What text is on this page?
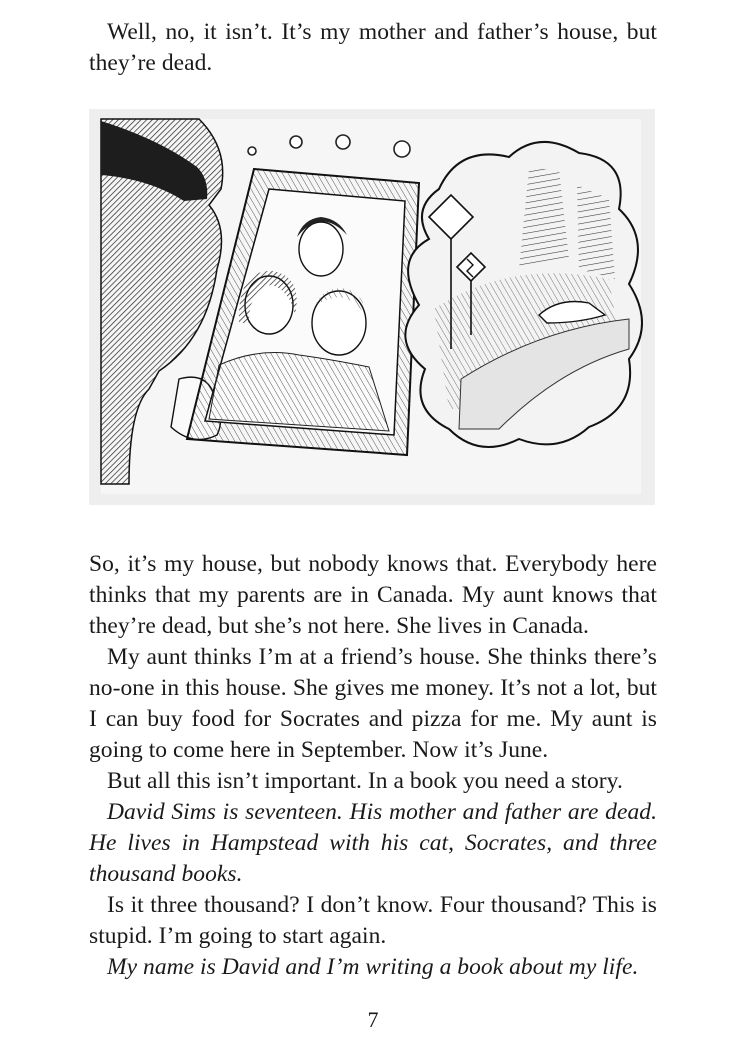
Well, no, it isn’t. It’s my mother and father’s house, but they’re dead.

So, it’s my house, but nobody knows that. Everybody here thinks that my parents are in Canada. My aunt knows that they’re dead, but she’s not here. She lives in Canada.

My aunt thinks I’m at a friend’s house. She thinks there’s no-one in this house. She gives me money. It’s not a lot, but I can buy food for Socrates and pizza for me. My aunt is going to come here in September. Now it’s June.

But all this isn’t important. In a book you need a story.

David Sims is seventeen. His mother and father are dead. He lives in Hampstead with his cat, Socrates, and three thousand books.

Is it three thousand? I don’t know. Four thousand? This is stupid. I’m going to start again.

My name is David and I’m writing a book about my life.

7
